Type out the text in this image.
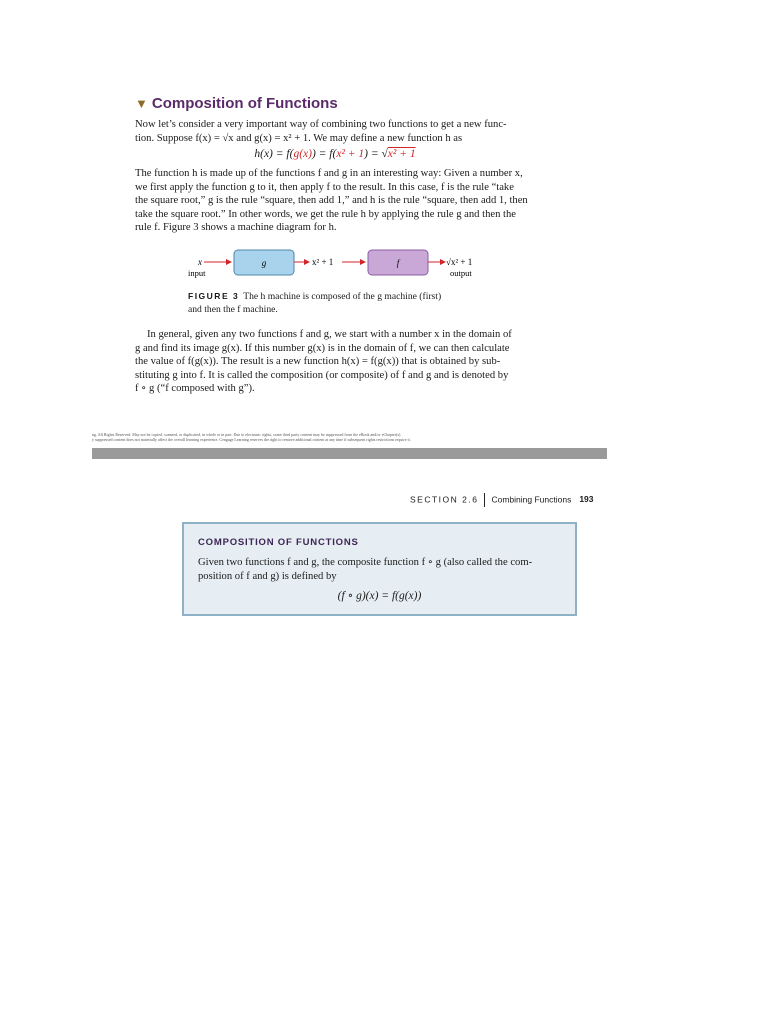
▼ Composition of Functions

Now let’s consider a very important way of combining two functions to get a new func-

tion. Suppose f(x) = √x and g(x) = x² + 1. We may define a new function h as

h(x) = f(g(x)) = f(x² + 1) = √x² + 1

The function h is made up of the functions f and g in an interesting way: Given a number x,

we first apply the function g to it, then apply f to the result. In this case, f is the rule “take

the square root,” g is the rule “square, then add 1,” and h is the rule “square, then add 1, then

take the square root.” In other words, we get the rule h by applying the rule g and then the

rule f. Figure 3 shows a machine diagram for h.

x
input
g	x² + 1	f	√x² + 1
output
FIGURE 3 The h machine is composed of the g machine (first)
and then the f machine.

In general, given any two functions f and g, we start with a number x in the domain of

g and find its image g(x). If this number g(x) is in the domain of f, we can then calculate

the value of f(g(x)). The result is a new function h(x) = f(g(x)) that is obtained by sub-

stituting g into f. It is called the composition (or composite) of f and g and is denoted by

f ∘ g (“f composed with g”).

ng. All Rights Reserved. May not be copied, scanned, or duplicated, in whole or in part. Due to electronic rights, some third party content may be suppressed from the eBook and/or eChapter(s).
y suppressed content does not materially affect the overall learning experience. Cengage Learning reserves the right to remove additional content at any time if subsequent rights restrictions require it.
SECTION 2.6 Combining Functions 193
COMPOSITION OF FUNCTIONS
Given two functions f and g, the composite function f ∘ g (also called the com-
position of f and g) is defined by
(f ∘ g)(x) = f(g(x))
